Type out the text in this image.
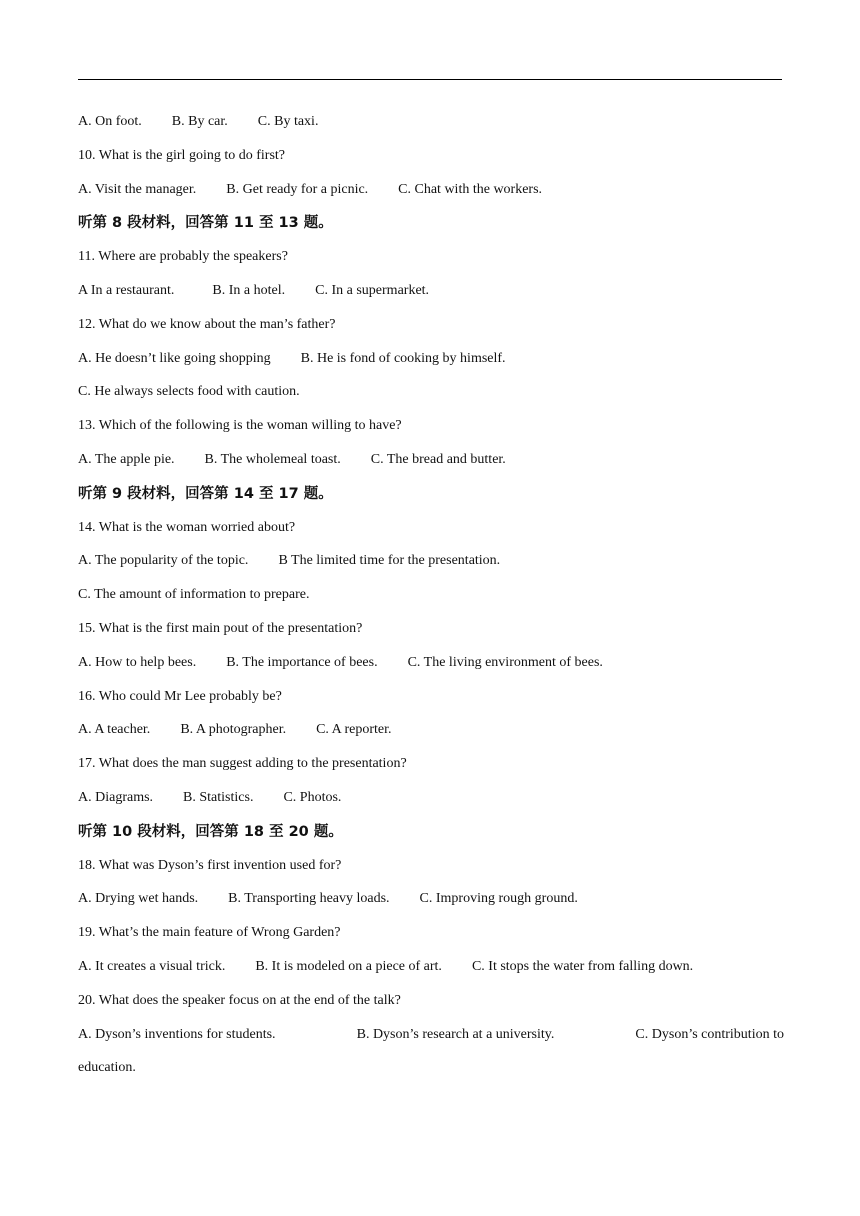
A. On foot. B. By car. C. By taxi.
10. What is the girl going to do first?
A. Visit the manager. B. Get ready for a picnic. C. Chat with the workers.
听第 8 段材料，回答第 11 至 13 题。
11. Where are probably the speakers?
A In a restaurant.	B. In a hotel. C. In a supermarket.
12. What do we know about the man’s father?
A. He doesn’t like going shopping B. He is fond of cooking by himself.
C. He always selects food with caution.
13. Which of the following is the woman willing to have?
A. The apple pie. B. The wholemeal toast. C. The bread and butter.
听第 9 段材料，回答第 14 至 17 题。
14. What is the woman worried about?
A. The popularity of the topic. B The limited time for the presentation.
C. The amount of information to prepare.
15. What is the first main pout of the presentation?
A. How to help bees. B. The importance of bees. C. The living environment of bees.
16. Who could Mr Lee probably be?
A. A teacher. B. A photographer. C. A reporter.
17. What does the man suggest adding to the presentation?
A. Diagrams. B. Statistics. C. Photos.
听第 10 段材料，回答第 18 至 20 题。
18. What was Dyson’s first invention used for?
A. Drying wet hands. B. Transporting heavy loads. C. Improving rough ground.
19. What’s the main feature of Wrong Garden?
A. It creates a visual trick. B. It is modeled on a piece of art. C. It stops the water from falling down.
20. What does the speaker focus on at the end of the talk?
A. Dyson’s inventions for students.	B. Dyson’s research at a university.	C. Dyson’s contribution to
education.
